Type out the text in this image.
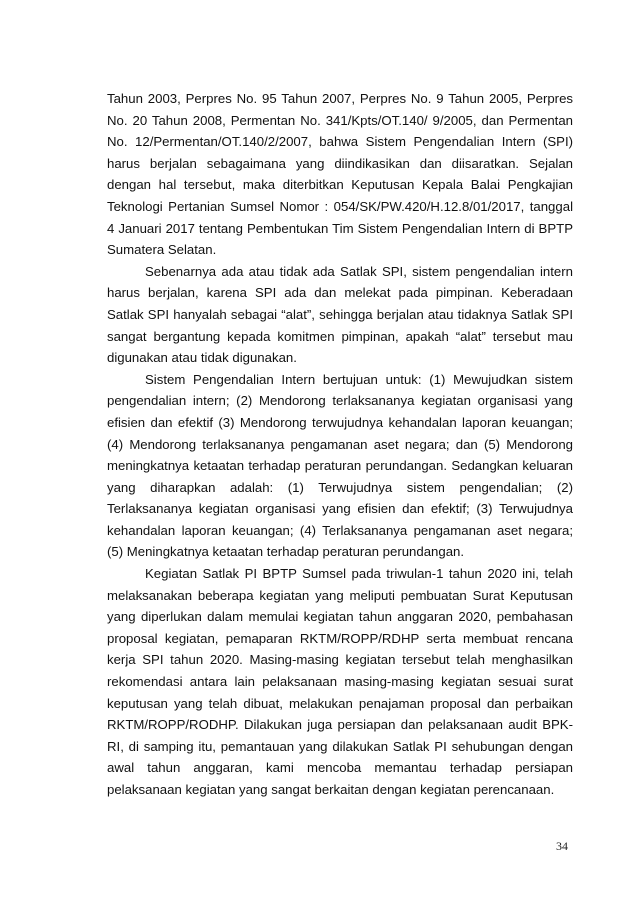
Tahun 2003, Perpres No. 95 Tahun 2007, Perpres No. 9 Tahun 2005, Perpres No. 20 Tahun 2008, Permentan No. 341/Kpts/OT.140/ 9/2005, dan Permentan No. 12/Permentan/OT.140/2/2007, bahwa Sistem Pengendalian Intern (SPI) harus berjalan sebagaimana yang diindikasikan dan diisaratkan. Sejalan dengan hal tersebut, maka diterbitkan Keputusan Kepala Balai Pengkajian Teknologi Pertanian Sumsel Nomor : 054/SK/PW.420/H.12.8/01/2017, tanggal 4 Januari 2017 tentang Pembentukan Tim Sistem Pengendalian Intern di BPTP Sumatera Selatan.

Sebenarnya ada atau tidak ada Satlak SPI, sistem pengendalian intern harus berjalan, karena SPI ada dan melekat pada pimpinan. Keberadaan Satlak SPI hanyalah sebagai “alat”, sehingga berjalan atau tidaknya Satlak SPI sangat bergantung kepada komitmen pimpinan, apakah “alat” tersebut mau digunakan atau tidak digunakan.

Sistem Pengendalian Intern bertujuan untuk: (1) Mewujudkan sistem pengendalian intern; (2) Mendorong terlaksananya kegiatan organisasi yang efisien dan efektif (3) Mendorong terwujudnya kehandalan laporan keuangan; (4) Mendorong terlaksananya pengamanan aset negara; dan (5) Mendorong meningkatnya ketaatan terhadap peraturan perundangan. Sedangkan keluaran yang diharapkan adalah: (1) Terwujudnya sistem pengendalian; (2) Terlaksananya kegiatan organisasi yang efisien dan efektif; (3) Terwujudnya kehandalan laporan keuangan; (4) Terlaksananya pengamanan aset negara; (5) Meningkatnya ketaatan terhadap peraturan perundangan.

Kegiatan Satlak PI BPTP Sumsel pada triwulan-1 tahun 2020 ini, telah melaksanakan beberapa kegiatan yang meliputi pembuatan Surat Keputusan yang diperlukan dalam memulai kegiatan tahun anggaran 2020, pembahasan proposal kegiatan, pemaparan RKTM/ROPP/RDHP serta membuat rencana kerja SPI tahun 2020. Masing-masing kegiatan tersebut telah menghasilkan rekomendasi antara lain pelaksanaan masing-masing kegiatan sesuai surat keputusan yang telah dibuat, melakukan penajaman proposal dan perbaikan RKTM/ROPP/RODHP. Dilakukan juga persiapan dan pelaksanaan audit BPK-RI, di samping itu, pemantauan yang dilakukan Satlak PI sehubungan dengan awal tahun anggaran, kami mencoba memantau terhadap persiapan pelaksanaan kegiatan yang sangat berkaitan dengan kegiatan perencanaan.

34
